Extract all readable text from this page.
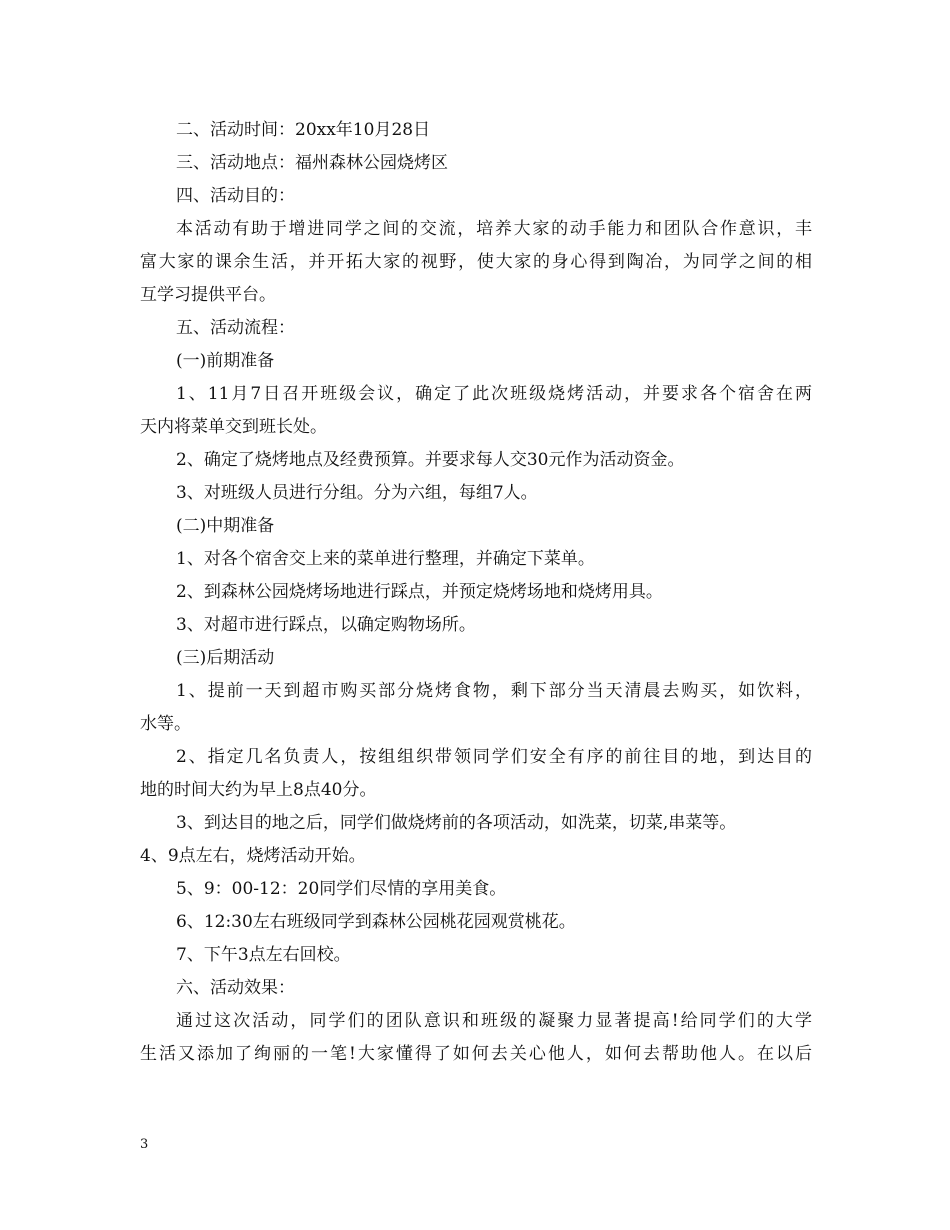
二、活动时间：20xx年10月28日
三、活动地点：福州森林公园烧烤区
四、活动目的：
本活动有助于增进同学之间的交流，培养大家的动手能力和团队合作意识，丰
富大家的课余生活，并开拓大家的视野，使大家的身心得到陶冶，为同学之间的相
互学习提供平台。
五、活动流程：
(一)前期准备
1、11月7日召开班级会议，确定了此次班级烧烤活动，并要求各个宿舍在两
天内将菜单交到班长处。
2、确定了烧烤地点及经费预算。并要求每人交30元作为活动资金。
3、对班级人员进行分组。分为六组，每组7人。
(二)中期准备
1、对各个宿舍交上来的菜单进行整理，并确定下菜单。
2、到森林公园烧烤场地进行踩点，并预定烧烤场地和烧烤用具。
3、对超市进行踩点，以确定购物场所。
(三)后期活动
1、提前一天到超市购买部分烧烤食物，剩下部分当天清晨去购买，如饮料，
水等。
2、指定几名负责人，按组组织带领同学们安全有序的前往目的地，到达目的
地的时间大约为早上8点40分。
3、到达目的地之后，同学们做烧烤前的各项活动，如洗菜，切菜,串菜等。
4、9点左右，烧烤活动开始。
5、9：00-12：20同学们尽情的享用美食。
6、12:30左右班级同学到森林公园桃花园观赏桃花。
7、下午3点左右回校。
六、活动效果：
通过这次活动，同学们的团队意识和班级的凝聚力显著提高!给同学们的大学
生活又添加了绚丽的一笔!大家懂得了如何去关心他人，如何去帮助他人。在以后
3
